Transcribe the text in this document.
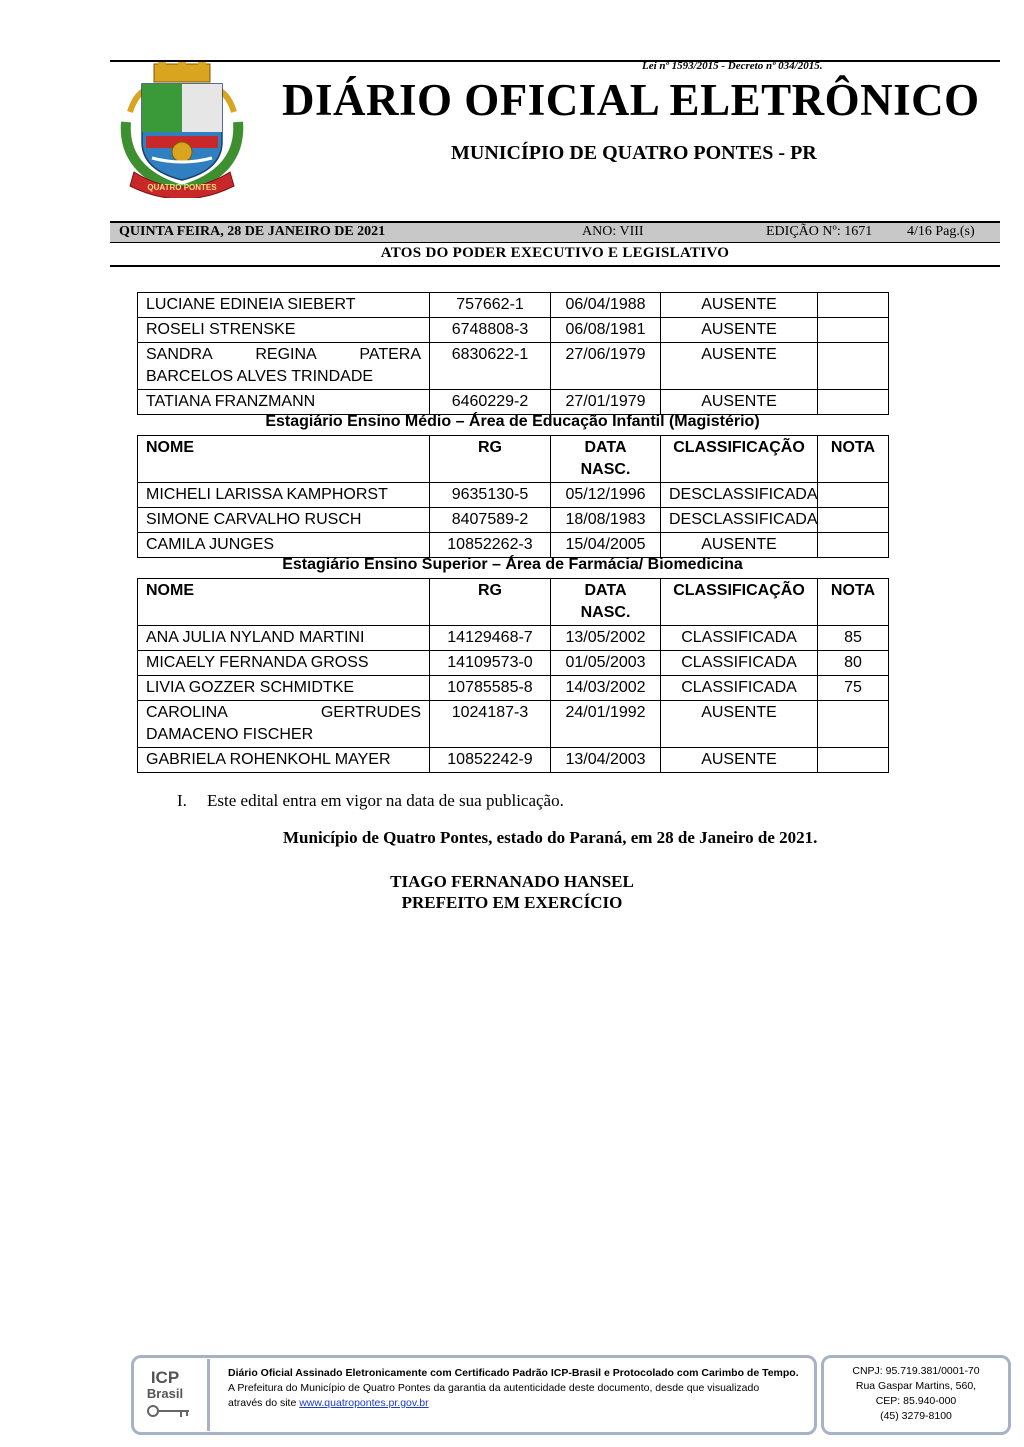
Lei nº 1593/2015 - Decreto nº 034/2015.
QUATRO PONTES
DIÁRIO OFICIAL ELETRÔNICO
MUNICÍPIO DE QUATRO PONTES - PR
QUINTA FEIRA, 28 DE JANEIRO DE 2021	ANO: VIII	EDIÇÃO Nº: 1671 4/16 Pag.(s)
ATOS DO PODER EXECUTIVO E LEGISLATIVO
LUCIANE EDINEIA SIEBERT	757662-1	06/04/1988	AUSENTE	
ROSELI STRENSKE	6748808-3	06/08/1981	AUSENTE	
SANDRA REGINA PATERA BARCELOS ALVES TRINDADE	6830622-1	27/06/1979	AUSENTE	
TATIANA FRANZMANN	6460229-2	27/01/1979	AUSENTE	
Estagiário Ensino Médio – Área de Educação Infantil (Magistério)
NOME	RG	DATA NASC.	CLASSIFICAÇÃO	NOTA
MICHELI LARISSA KAMPHORST	9635130-5	05/12/1996	DESCLASSIFICADA	
SIMONE CARVALHO RUSCH	8407589-2	18/08/1983	DESCLASSIFICADA	
CAMILA JUNGES	10852262-3	15/04/2005	AUSENTE	
Estagiário Ensino Superior – Área de Farmácia/ Biomedicina
NOME	RG	DATA NASC.	CLASSIFICAÇÃO	NOTA
ANA JULIA NYLAND MARTINI	14129468-7	13/05/2002	CLASSIFICADA	85
MICAELY FERNANDA GROSS	14109573-0	01/05/2003	CLASSIFICADA	80
LIVIA GOZZER SCHMIDTKE	10785585-8	14/03/2002	CLASSIFICADA	75
CAROLINA GERTRUDES DAMACENO FISCHER	1024187-3	24/01/1992	AUSENTE	
GABRIELA ROHENKOHL MAYER	10852242-9	13/04/2003	AUSENTE	
I. Este edital entra em vigor na data de sua publicação.
Município de Quatro Pontes, estado do Paraná, em 28 de Janeiro de 2021.
TIAGO FERNANADO HANSEL
PREFEITO EM EXERCÍCIO
ICP
Brasil
Diário Oficial Assinado Eletronicamente com Certificado Padrão ICP-Brasil e Protocolado com Carimbo de Tempo.
A Prefeitura do Município de Quatro Pontes da garantia da autenticidade deste documento, desde que visualizado
através do site www.quatropontes.pr.gov.br
CNPJ: 95.719.381/0001-70
Rua Gaspar Martins, 560,
CEP: 85.940-000
(45) 3279-8100
